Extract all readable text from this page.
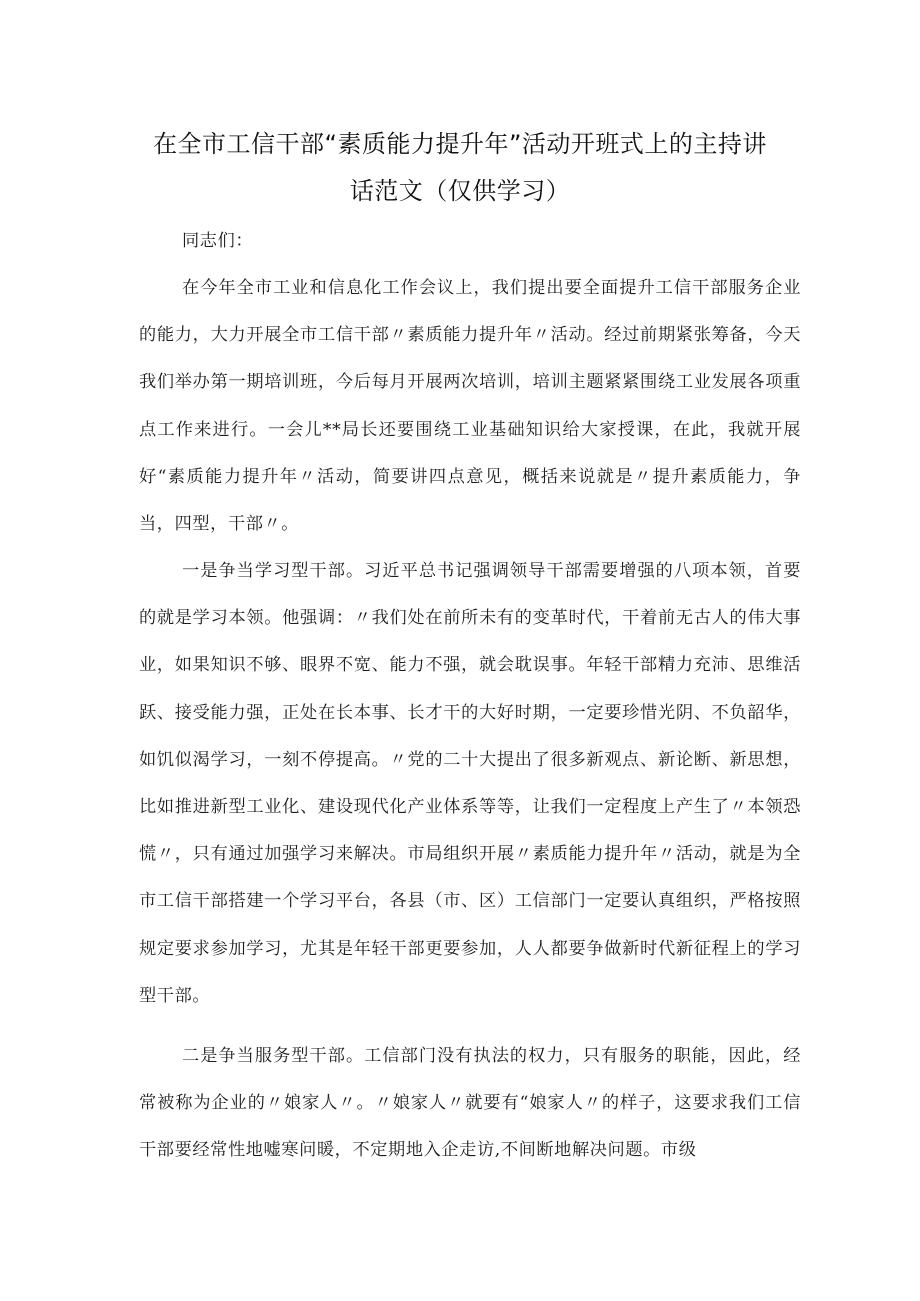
在全市工信干部“素质能力提升年”活动开班式上的主持讲
话范文（仅供学习）
同志们：
在今年全市工业和信息化工作会议上，我们提出要全面提升工信干部服务企业的能力，大力开展全市工信干部〃素质能力提升年〃活动。经过前期紧张筹备，今天我们举办第一期培训班，今后每月开展两次培训，培训主题紧紧围绕工业发展各项重点工作来进行。一会儿**局长还要围绕工业基础知识给大家授课，在此，我就开展好“素质能力提升年〃活动，简要讲四点意见，概括来说就是〃提升素质能力，争当，四型，干部〃。
一是争当学习型干部。习近平总书记强调领导干部需要增强的八项本领，首要的就是学习本领。他强调：〃我们处在前所未有的变革时代，干着前无古人的伟大事业，如果知识不够、眼界不宽、能力不强，就会耽误事。年轻干部精力充沛、思维活跃、接受能力强，正处在长本事、长才干的大好时期，一定要珍惜光阴、不负韶华，如饥似渴学习，一刻不停提高。〃党的二十大提出了很多新观点、新论断、新思想，比如推进新型工业化、建设现代化产业体系等等，让我们一定程度上产生了〃本领恐慌〃，只有通过加强学习来解决。市局组织开展〃素质能力提升年〃活动，就是为全市工信干部搭建一个学习平台，各县（市、区）工信部门一定要认真组织，严格按照规定要求参加学习，尤其是年轻干部更要参加，人人都要争做新时代新征程上的学习型干部。
二是争当服务型干部。工信部门没有执法的权力，只有服务的职能，因此，经常被称为企业的〃娘家人〃。〃娘家人〃就要有“娘家人〃的样子，这要求我们工信干部要经常性地嘘寒问暖，不定期地入企走访,不间断地解决问题。市级
